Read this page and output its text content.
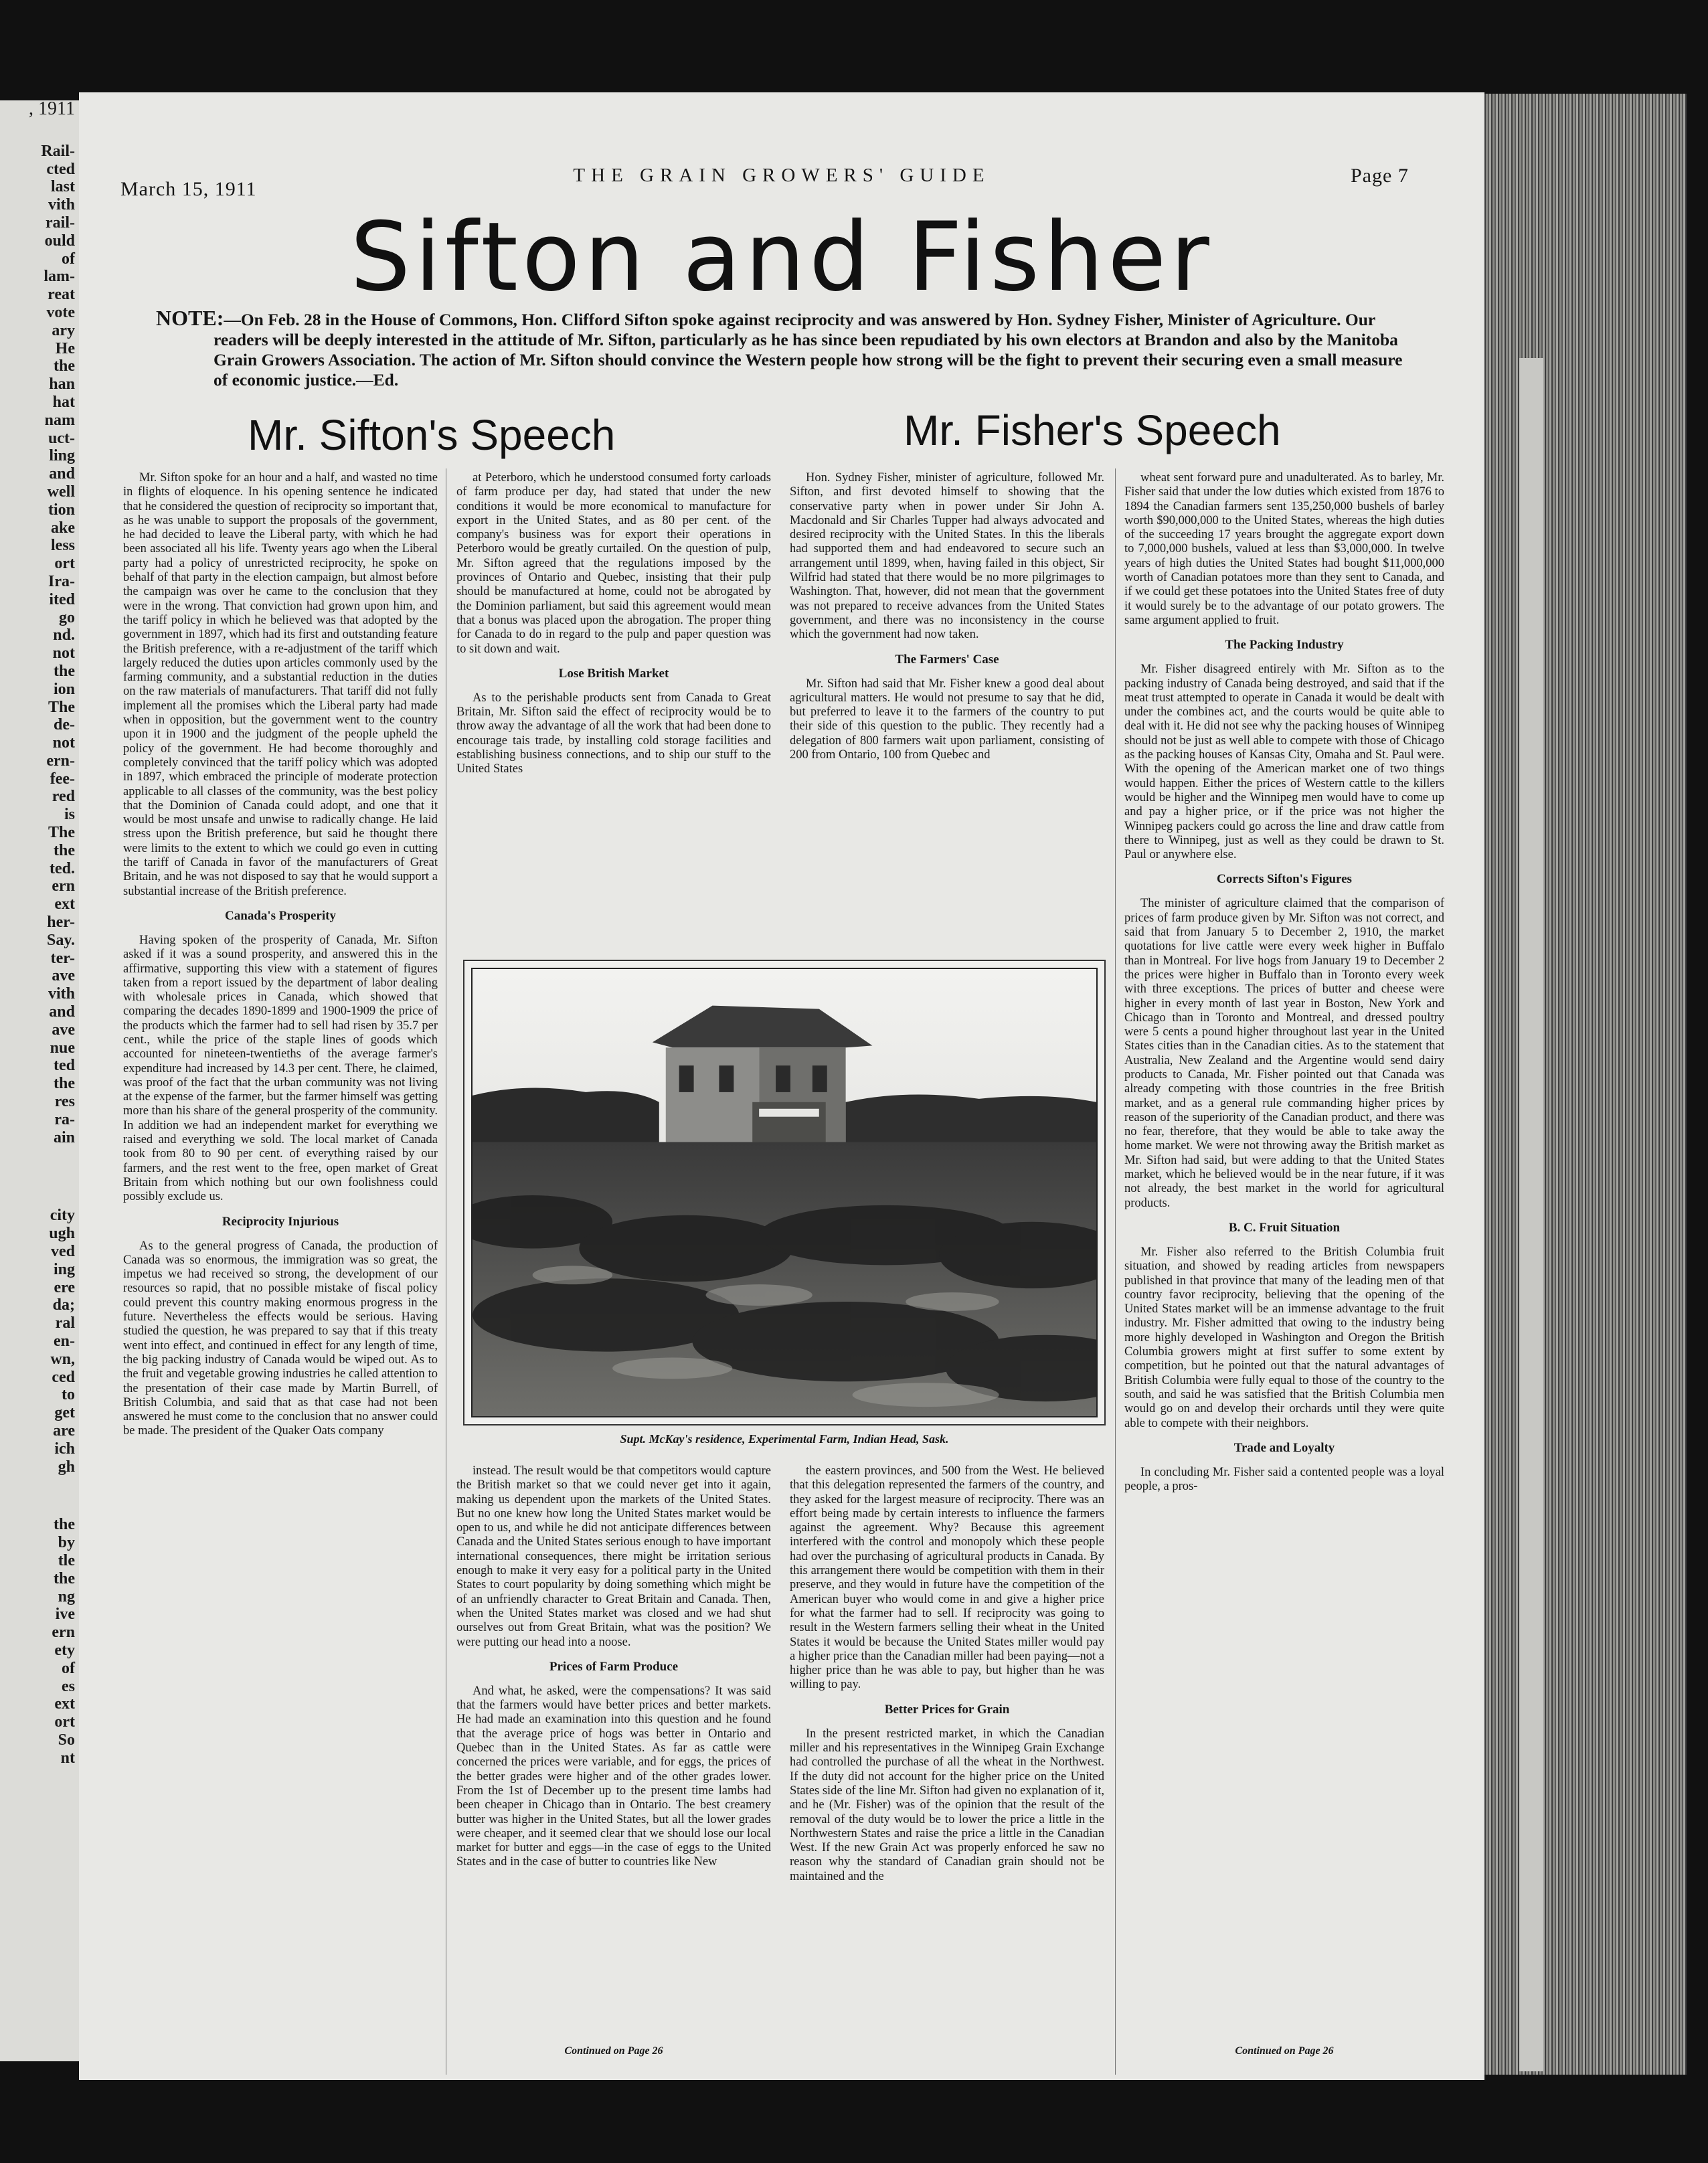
, 1911
Rail-
cted
last
vith
rail-
ould
of
lam-
reat
vote
ary
He
the
han
hat
nam
uct-
ling
and
well
tion
ake
less
ort
Ira-
ited
go
nd.
not
the
ion
The
de-
not
ern-
fee-
red
is
The
the
ted.
ern
ext
her-
Say.
ter-
ave
vith
and
ave
nue
ted
the
res
ra-
ain
city
ugh
ved
ing
ere
da;
ral
en-
wn,
ced
to
get
are
ich
gh
the
by
tle
the
ng
ive
ern
ety
of
es
ext
ort
So
nt
March 15, 1911
THE GRAIN GROWERS' GUIDE	Page 7
Sifton and Fisher
NOTE:—On Feb. 28 in the House of Commons, Hon. Clifford Sifton spoke against reciprocity and was answered by Hon. Sydney Fisher, Minister of Agriculture. Our readers will be deeply interested in the attitude of Mr. Sifton, particularly as he has since been repudiated by his own electors at Brandon and also by the Manitoba Grain Growers Association. The action of Mr. Sifton should convince the Western people how strong will be the fight to prevent their securing even a small measure of economic justice.—Ed.
Mr. Sifton's Speech	Mr. Fisher's Speech

Mr. Sifton spoke for an hour and a half, and wasted no time in flights of eloquence. In his opening sentence he indicated that he considered the question of reciprocity so important that, as he was unable to support the proposals of the government, he had decided to leave the Liberal party, with which he had been associated all his life. Twenty years ago when the Liberal party had a policy of unrestricted reciprocity, he spoke on behalf of that party in the election campaign, but almost before the campaign was over he came to the conclusion that they were in the wrong. That conviction had grown upon him, and the tariff policy in which he believed was that adopted by the government in 1897, which had its first and outstanding feature the British preference, with a re-adjustment of the tariff which largely reduced the duties upon articles commonly used by the farming community, and a substantial reduction in the duties on the raw materials of manufacturers. That tariff did not fully implement all the promises which the Liberal party had made when in opposition, but the government went to the country upon it in 1900 and the judgment of the people upheld the policy of the government. He had become thoroughly and completely convinced that the tariff policy which was adopted in 1897, which embraced the principle of moderate protection applicable to all classes of the community, was the best policy that the Dominion of Canada could adopt, and one that it would be most unsafe and unwise to radically change. He laid stress upon the British preference, but said he thought there were limits to the extent to which we could go even in cutting the tariff of Canada in favor of the manufacturers of Great Britain, and he was not disposed to say that he would support a substantial increase of the British preference.

Canada's Prosperity

Having spoken of the prosperity of Canada, Mr. Sifton asked if it was a sound prosperity, and answered this in the affirmative, supporting this view with a statement of figures taken from a report issued by the department of labor dealing with wholesale prices in Canada, which showed that comparing the decades 1890-1899 and 1900-1909 the price of the products which the farmer had to sell had risen by 35.7 per cent., while the price of the staple lines of goods which accounted for nineteen-twentieths of the average farmer's expenditure had increased by 14.3 per cent. There, he claimed, was proof of the fact that the urban community was not living at the expense of the farmer, but the farmer himself was getting more than his share of the general prosperity of the community. In addition we had an independent market for everything we raised and everything we sold. The local market of Canada took from 80 to 90 per cent. of everything raised by our farmers, and the rest went to the free, open market of Great Britain from which nothing but our own foolishness could possibly exclude us.

Reciprocity Injurious

As to the general progress of Canada, the production of Canada was so enormous, the immigration was so great, the impetus we had received so strong, the development of our resources so rapid, that no possible mistake of fiscal policy could prevent this country making enormous progress in the future. Nevertheless the effects would be serious. Having studied the question, he was prepared to say that if this treaty went into effect, and continued in effect for any length of time, the big packing industry of Canada would be wiped out. As to the fruit and vegetable growing industries he called attention to the presentation of their case made by Martin Burrell, of British Columbia, and said that as that case had not been answered he must come to the conclusion that no answer could be made. The president of the Quaker Oats company

at Peterboro, which he understood consumed forty carloads of farm produce per day, had stated that under the new conditions it would be more economical to manufacture for export in the United States, and as 80 per cent. of the company's business was for export their operations in Peterboro would be greatly curtailed. On the question of pulp, Mr. Sifton agreed that the regulations imposed by the provinces of Ontario and Quebec, insisting that their pulp should be manufactured at home, could not be abrogated by the Dominion parliament, but said this agreement would mean that a bonus was placed upon the abrogation. The proper thing for Canada to do in regard to the pulp and paper question was to sit down and wait.

Lose British Market

As to the perishable products sent from Canada to Great Britain, Mr. Sifton said the effect of reciprocity would be to throw away the advantage of all the work that had been done to encourage tais trade, by installing cold storage facilities and establishing business connections, and to ship our stuff to the United States

Hon. Sydney Fisher, minister of agriculture, followed Mr. Sifton, and first devoted himself to showing that the conservative party when in power under Sir John A. Macdonald and Sir Charles Tupper had always advocated and desired reciprocity with the United States. In this the liberals had supported them and had endeavored to secure such an arrangement until 1899, when, having failed in this object, Sir Wilfrid had stated that there would be no more pilgrimages to Washington. That, however, did not mean that the government was not prepared to receive advances from the United States government, and there was no inconsistency in the course which the government had now taken.

The Farmers' Case

Mr. Sifton had said that Mr. Fisher knew a good deal about agricultural matters. He would not presume to say that he did, but preferred to leave it to the farmers of the country to put their side of this question to the public. They recently had a delegation of 800 farmers wait upon parliament, consisting of 200 from Ontario, 100 from Quebec and

Supt. McKay's residence, Experimental Farm, Indian Head, Sask.

instead. The result would be that competitors would capture the British market so that we could never get into it again, making us dependent upon the markets of the United States. But no one knew how long the United States market would be open to us, and while he did not anticipate differences between Canada and the United States serious enough to have important international consequences, there might be irritation serious enough to make it very easy for a political party in the United States to court popularity by doing something which might be of an unfriendly character to Great Britain and Canada. Then, when the United States market was closed and we had shut ourselves out from Great Britain, what was the position? We were putting our head into a noose.

Prices of Farm Produce

And what, he asked, were the compensations? It was said that the farmers would have better prices and better markets. He had made an examination into this question and he found that the average price of hogs was better in Ontario and Quebec than in the United States. As far as cattle were concerned the prices were variable, and for eggs, the prices of the better grades were higher and of the other grades lower. From the 1st of December up to the present time lambs had been cheaper in Chicago than in Ontario. The best creamery butter was higher in the United States, but all the lower grades were cheaper, and it seemed clear that we should lose our local market for butter and eggs—in the case of eggs to the United States and in the case of butter to countries like New

Continued on Page 26

the eastern provinces, and 500 from the West. He believed that this delegation represented the farmers of the country, and they asked for the largest measure of reciprocity. There was an effort being made by certain interests to influence the farmers against the agreement. Why? Because this agreement interfered with the control and monopoly which these people had over the purchasing of agricultural products in Canada. By this arrangement there would be competition with them in their preserve, and they would in future have the competition of the American buyer who would come in and give a higher price for what the farmer had to sell. If reciprocity was going to result in the Western farmers selling their wheat in the United States it would be because the United States miller would pay a higher price than the Canadian miller had been paying—not a higher price than he was able to pay, but higher than he was willing to pay.

Better Prices for Grain

In the present restricted market, in which the Canadian miller and his representatives in the Winnipeg Grain Exchange had controlled the purchase of all the wheat in the Northwest. If the duty did not account for the higher price on the United States side of the line Mr. Sifton had given no explanation of it, and he (Mr. Fisher) was of the opinion that the result of the removal of the duty would be to lower the price a little in the Northwestern States and raise the price a little in the Canadian West. If the new Grain Act was properly enforced he saw no reason why the standard of Canadian grain should not be maintained and the

wheat sent forward pure and unadulterated. As to barley, Mr. Fisher said that under the low duties which existed from 1876 to 1894 the Canadian farmers sent 135,250,000 bushels of barley worth $90,000,000 to the United States, whereas the high duties of the succeeding 17 years brought the aggregate export down to 7,000,000 bushels, valued at less than $3,000,000. In twelve years of high duties the United States had bought $11,000,000 worth of Canadian potatoes more than they sent to Canada, and if we could get these potatoes into the United States free of duty it would surely be to the advantage of our potato growers. The same argument applied to fruit.

The Packing Industry

Mr. Fisher disagreed entirely with Mr. Sifton as to the packing industry of Canada being destroyed, and said that if the meat trust attempted to operate in Canada it would be dealt with under the combines act, and the courts would be quite able to deal with it. He did not see why the packing houses of Winnipeg should not be just as well able to compete with those of Chicago as the packing houses of Kansas City, Omaha and St. Paul were. With the opening of the American market one of two things would happen. Either the prices of Western cattle to the killers would be higher and the Winnipeg men would have to come up and pay a higher price, or if the price was not higher the Winnipeg packers could go across the line and draw cattle from there to Winnipeg, just as well as they could be drawn to St. Paul or anywhere else.

Corrects Sifton's Figures

The minister of agriculture claimed that the comparison of prices of farm produce given by Mr. Sifton was not correct, and said that from January 5 to December 2, 1910, the market quotations for live cattle were every week higher in Buffalo than in Montreal. For live hogs from January 19 to December 2 the prices were higher in Buffalo than in Toronto every week with three exceptions. The prices of butter and cheese were higher in every month of last year in Boston, New York and Chicago than in Toronto and Montreal, and dressed poultry were 5 cents a pound higher throughout last year in the United States cities than in the Canadian cities. As to the statement that Australia, New Zealand and the Argentine would send dairy products to Canada, Mr. Fisher pointed out that Canada was already competing with those countries in the free British market, and as a general rule commanding higher prices by reason of the superiority of the Canadian product, and there was no fear, therefore, that they would be able to take away the home market. We were not throwing away the British market as Mr. Sifton had said, but were adding to that the United States market, which he believed would be in the near future, if it was not already, the best market in the world for agricultural products.

B. C. Fruit Situation

Mr. Fisher also referred to the British Columbia fruit situation, and showed by reading articles from newspapers published in that province that many of the leading men of that country favor reciprocity, believing that the opening of the United States market will be an immense advantage to the fruit industry. Mr. Fisher admitted that owing to the industry being more highly developed in Washington and Oregon the British Columbia growers might at first suffer to some extent by competition, but he pointed out that the natural advantages of British Columbia were fully equal to those of the country to the south, and said he was satisfied that the British Columbia men would go on and develop their orchards until they were quite able to compete with their neighbors.

Trade and Loyalty

In concluding Mr. Fisher said a contented people was a loyal people, a pros-

Continued on Page 26
